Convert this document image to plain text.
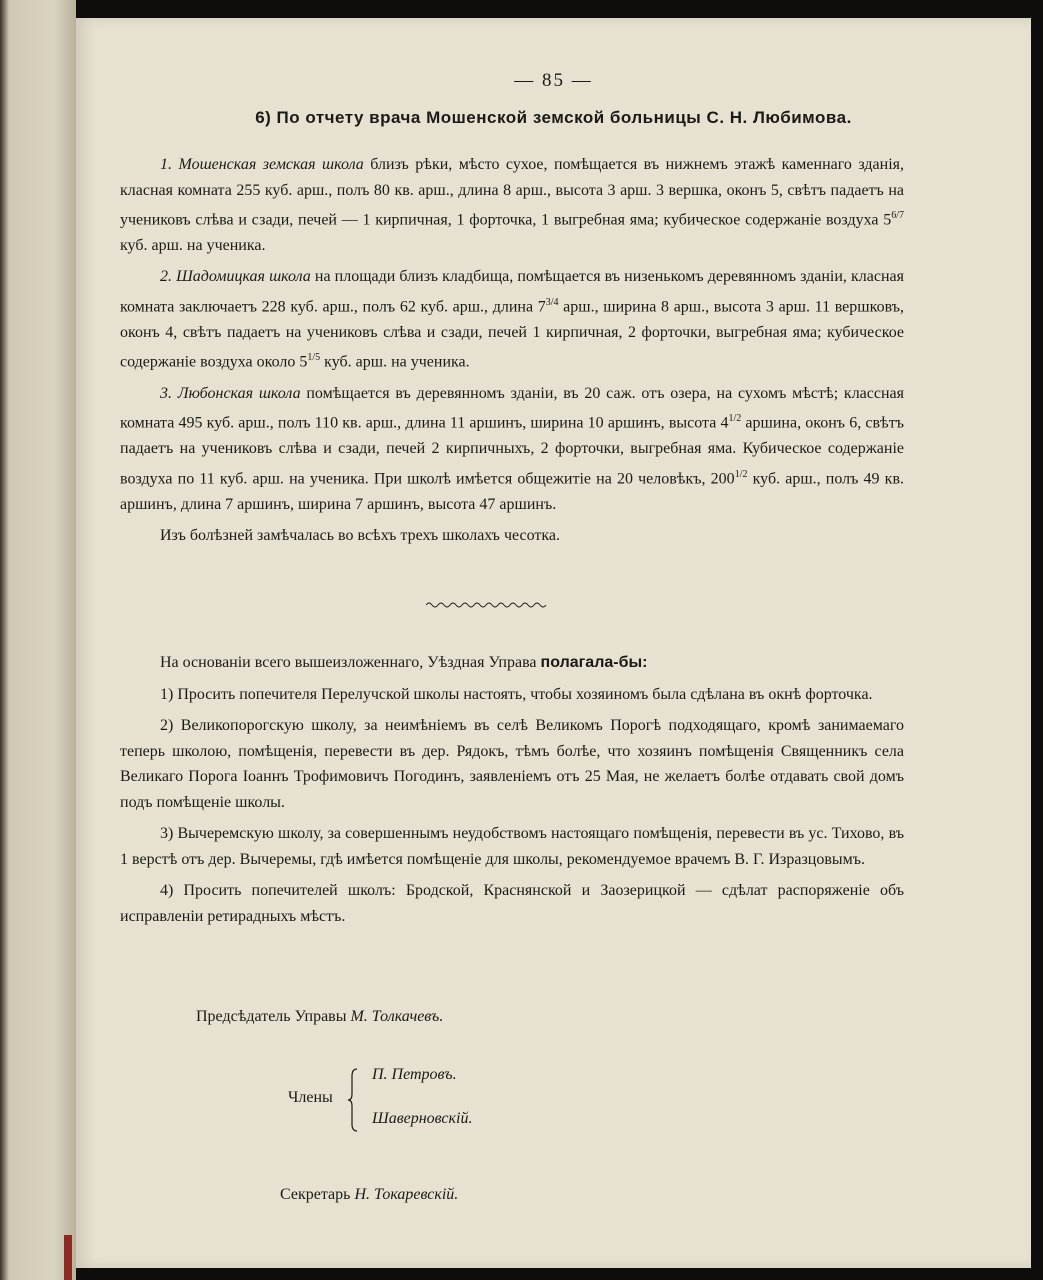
— 85 —
6) По отчету врача Мошенской земской больницы С. Н. Любимова.

1. Мошенская земская школа близъ рѣки, мѣсто сухое, помѣщается въ нижнемъ этажѣ каменнаго зданія, класная комната 255 куб. арш., полъ 80 кв. арш., длина 8 арш., высота 3 арш. 3 вершка, оконъ 5, свѣтъ падаетъ на учениковъ слѣва и сзади, печей — 1 кирпичная, 1 форточка, 1 выгребная яма; кубическое содержаніе воздуха $5^{6/7}$ куб. арш. на ученика.

2. Шадомицкая школа на площади близъ кладбища, помѣщается въ низенькомъ деревянномъ зданіи, класная комната заключаетъ 228 куб. арш., полъ 62 куб. арш., длина $7^{3/4}$ арш., ширина 8 арш., высота 3 арш. 11 вершковъ, оконъ 4, свѣтъ падаетъ на учениковъ слѣва и сзади, печей 1 кирпичная, 2 форточки, выгребная яма; кубическое содержаніе воздуха около $5^{1/5}$ куб. арш. на ученика.

3. Любонская школа помѣщается въ деревянномъ зданіи, въ 20 саж. отъ озера, на сухомъ мѣстѣ; классная комната 495 куб. арш., полъ 110 кв. арш., длина 11 аршинъ, ширина 10 аршинъ, высота $4^{1/2}$ аршина, оконъ 6, свѣтъ падаетъ на учениковъ слѣва и сзади, печей 2 кирпичныхъ, 2 форточки, выгребная яма. Кубическое содержаніе воздуха по 11 куб. арш. на ученика. При школѣ имѣется общежитіе на 20 человѣкъ, $200^{1/2}$ куб. арш., полъ 49 кв. аршинъ, длина 7 аршинъ, ширина 7 аршинъ, высота 47 аршинъ.

Изъ болѣзней замѣчалась во всѣхъ трехъ школахъ чесотка.

На основаніи всего вышеизложеннаго, Уѣздная Управа полагала-бы:

1) Просить попечителя Перелучской школы настоять, чтобы хозяиномъ была сдѣлана въ окнѣ форточка.

2) Великопорогскую школу, за неимѣніемъ въ селѣ Великомъ Порогѣ подходящаго, кромѣ занимаемаго теперь школою, помѣщенія, перевести въ дер. Рядокъ, тѣмъ болѣе, что хозяинъ помѣщенія Священникъ села Великаго Порога Іоаннъ Трофимовичъ Погодинъ, заявленіемъ отъ 25 Мая, не желаетъ болѣе отдавать свой домъ подъ помѣщеніе школы.

3) Вычеремскую школу, за совершеннымъ неудобствомъ настоящаго помѣщенія, перевести въ ус. Тихово, въ 1 верстѣ отъ дер. Вычеремы, гдѣ имѣется помѣщеніе для школы, рекомендуемое врачемъ В. Г. Изразцовымъ.

4) Просить попечителей школъ: Бродской, Краснянской и Заозерицкой — сдѣлат распоряженіе объ исправленіи ретирадныхъ мѣстъ.

Предсѣдатель Управы М. Толкачевъ.
Члены
П. Петровъ.
Шаверновскій.
Секретарь Н. Токаревскій.
